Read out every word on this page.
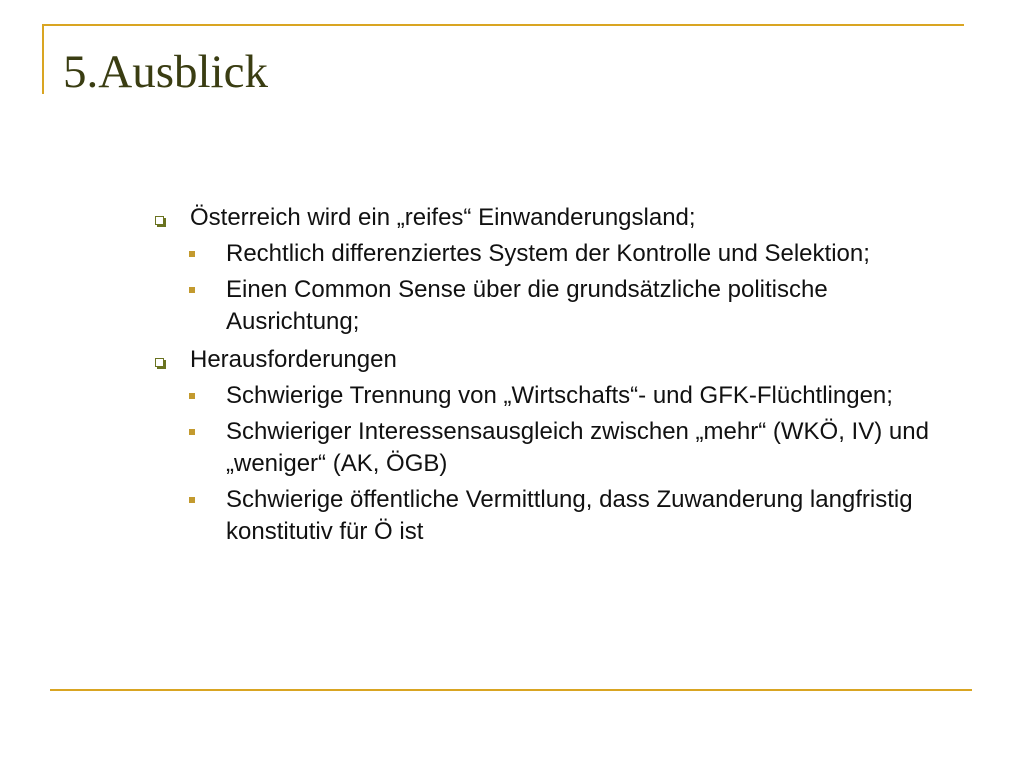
5.Ausblick
Österreich wird ein „reifes“ Einwanderungsland;
Rechtlich differenziertes System der Kontrolle und Selektion;
Einen Common Sense über die grundsätzliche politische Ausrichtung;
Herausforderungen
Schwierige Trennung von „Wirtschafts“- und GFK-Flüchtlingen;
Schwieriger Interessensausgleich zwischen „mehr“ (WKÖ, IV) und „weniger“ (AK, ÖGB)
Schwierige öffentliche Vermittlung, dass Zuwanderung langfristig konstitutiv für Ö ist
